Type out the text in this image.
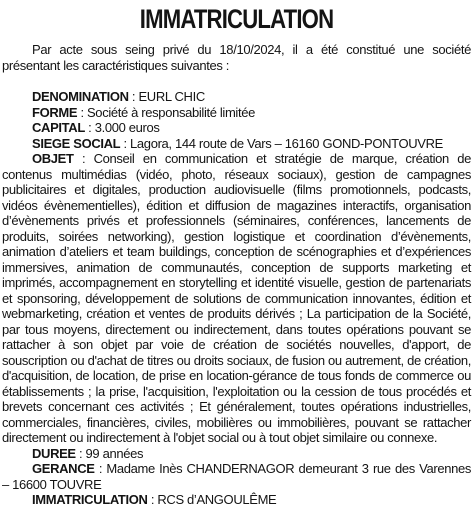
IMMATRICULATION

Par acte sous seing privé du 18/10/2024, il a été constitué une société présentant les caractéristiques suivantes :

DENOMINATION : EURL CHIC

FORME : Société à responsabilité limitée

CAPITAL : 3.000 euros

SIEGE SOCIAL : Lagora, 144 route de Vars – 16160 GOND-PONTOUVRE

OBJET : Conseil en communication et stratégie de marque, création de contenus multimédias (vidéo, photo, réseaux sociaux), gestion de campagnes publicitaires et digitales, production audiovisuelle (films promotionnels, podcasts, vidéos évènementielles), édition et diffusion de magazines interactifs, organisation d’évènements privés et professionnels (séminaires, conférences, lancements de produits, soirées networking), gestion logistique et coordination d’évènements, animation d’ateliers et team buildings, conception de scénographies et d’expériences immersives, animation de communautés, conception de supports marketing et imprimés, accompagnement en storytelling et identité visuelle, gestion de partenariats et sponsoring, développement de solutions de communication innovantes, édition et webmarketing, création et ventes de produits dérivés ; La participation de la Société, par tous moyens, directement ou indirectement, dans toutes opérations pouvant se rattacher à son objet par voie de création de sociétés nouvelles, d'apport, de souscription ou d'achat de titres ou droits sociaux, de fusion ou autrement, de création, d'acquisition, de location, de prise en location-gérance de tous fonds de commerce ou établissements ; la prise, l'acquisition, l'exploitation ou la cession de tous procédés et brevets concernant ces activités ; Et généralement, toutes opérations industrielles, commerciales, financières, civiles, mobilières ou immobilières, pouvant se rattacher directement ou indirectement à l'objet social ou à tout objet similaire ou connexe.

DUREE : 99 années

GERANCE : Madame Inès CHANDERNAGOR demeurant 3 rue des Varennes – 16600 TOUVRE

IMMATRICULATION : RCS d’ANGOULÊME
